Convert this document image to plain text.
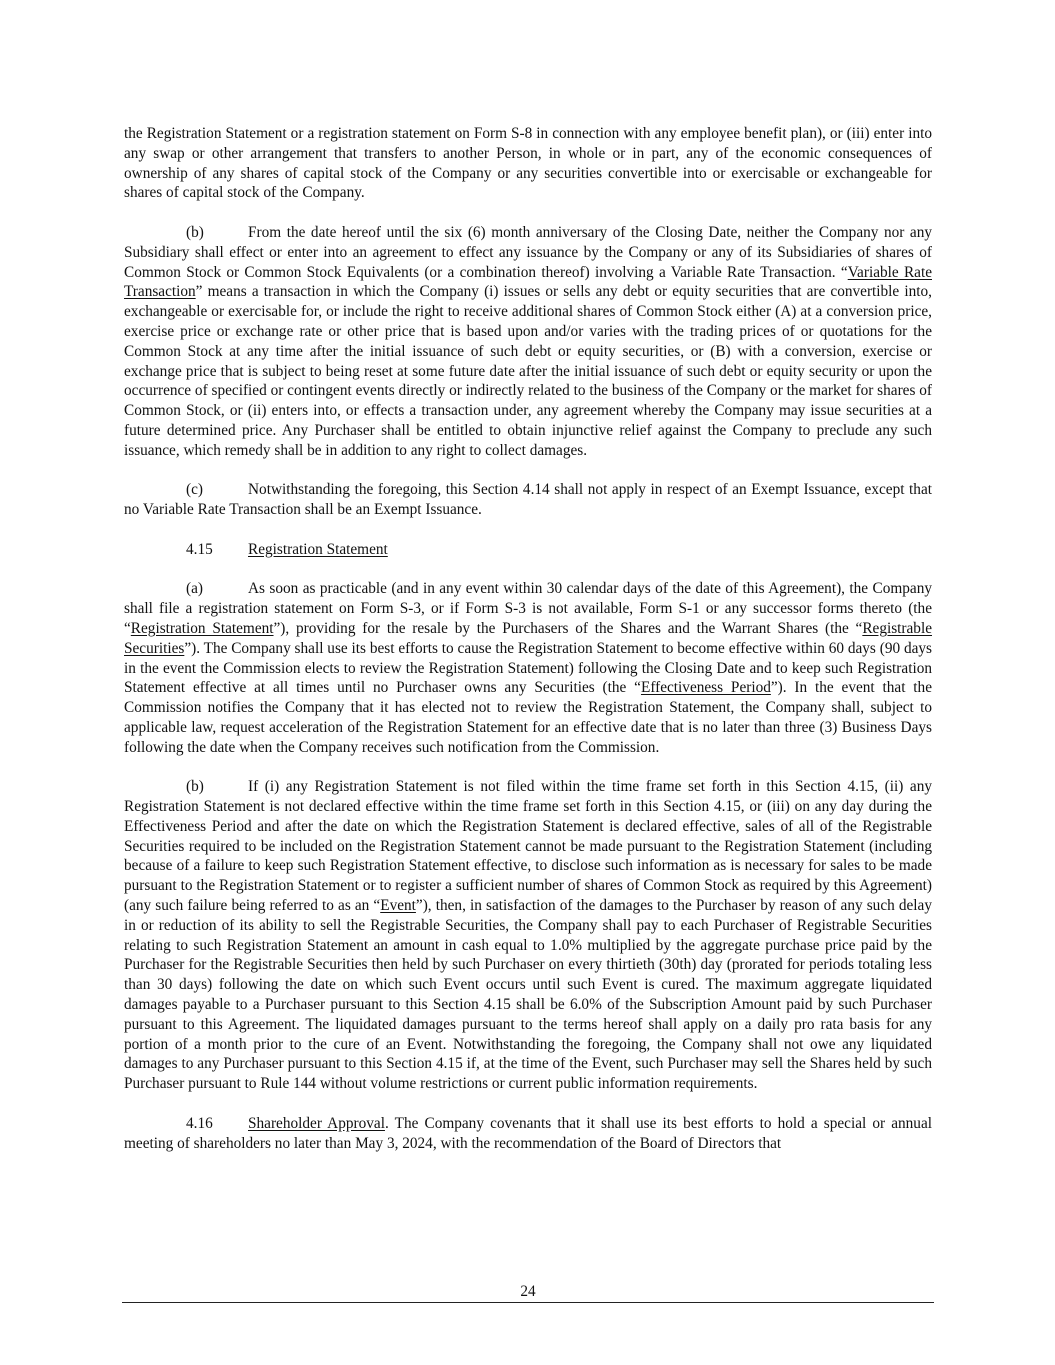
the Registration Statement or a registration statement on Form S-8 in connection with any employee benefit plan), or (iii) enter into any swap or other arrangement that transfers to another Person, in whole or in part, any of the economic consequences of ownership of any shares of capital stock of the Company or any securities convertible into or exercisable or exchangeable for shares of capital stock of the Company.

(b)	From the date hereof until the six (6) month anniversary of the Closing Date, neither the Company nor any Subsidiary shall effect or enter into an agreement to effect any issuance by the Company or any of its Subsidiaries of shares of Common Stock or Common Stock Equivalents (or a combination thereof) involving a Variable Rate Transaction. “Variable Rate Transaction” means a transaction in which the Company (i) issues or sells any debt or equity securities that are convertible into, exchangeable or exercisable for, or include the right to receive additional shares of Common Stock either (A) at a conversion price, exercise price or exchange rate or other price that is based upon and/or varies with the trading prices of or quotations for the Common Stock at any time after the initial issuance of such debt or equity securities, or (B) with a conversion, exercise or exchange price that is subject to being reset at some future date after the initial issuance of such debt or equity security or upon the occurrence of specified or contingent events directly or indirectly related to the business of the Company or the market for shares of Common Stock, or (ii) enters into, or effects a transaction under, any agreement whereby the Company may issue securities at a future determined price. Any Purchaser shall be entitled to obtain injunctive relief against the Company to preclude any such issuance, which remedy shall be in addition to any right to collect damages.

(c)	Notwithstanding the foregoing, this Section 4.14 shall not apply in respect of an Exempt Issuance, except that no Variable Rate Transaction shall be an Exempt Issuance.

4.15 Registration Statement

(a)	As soon as practicable (and in any event within 30 calendar days of the date of this Agreement), the Company shall file a registration statement on Form S-3, or if Form S-3 is not available, Form S-1 or any successor forms thereto (the “Registration Statement”), providing for the resale by the Purchasers of the Shares and the Warrant Shares (the “Registrable Securities”). The Company shall use its best efforts to cause the Registration Statement to become effective within 60 days (90 days in the event the Commission elects to review the Registration Statement) following the Closing Date and to keep such Registration Statement effective at all times until no Purchaser owns any Securities (the “Effectiveness Period”). In the event that the Commission notifies the Company that it has elected not to review the Registration Statement, the Company shall, subject to applicable law, request acceleration of the Registration Statement for an effective date that is no later than three (3) Business Days following the date when the Company receives such notification from the Commission.

(b)	If (i) any Registration Statement is not filed within the time frame set forth in this Section 4.15, (ii) any Registration Statement is not declared effective within the time frame set forth in this Section 4.15, or (iii) on any day during the Effectiveness Period and after the date on which the Registration Statement is declared effective, sales of all of the Registrable Securities required to be included on the Registration Statement cannot be made pursuant to the Registration Statement (including because of a failure to keep such Registration Statement effective, to disclose such information as is necessary for sales to be made pursuant to the Registration Statement or to register a sufficient number of shares of Common Stock as required by this Agreement) (any such failure being referred to as an “Event”), then, in satisfaction of the damages to the Purchaser by reason of any such delay in or reduction of its ability to sell the Registrable Securities, the Company shall pay to each Purchaser of Registrable Securities relating to such Registration Statement an amount in cash equal to 1.0% multiplied by the aggregate purchase price paid by the Purchaser for the Registrable Securities then held by such Purchaser on every thirtieth (30th) day (prorated for periods totaling less than 30 days) following the date on which such Event occurs until such Event is cured. The maximum aggregate liquidated damages payable to a Purchaser pursuant to this Section 4.15 shall be 6.0% of the Subscription Amount paid by such Purchaser pursuant to this Agreement. The liquidated damages pursuant to the terms hereof shall apply on a daily pro rata basis for any portion of a month prior to the cure of an Event. Notwithstanding the foregoing, the Company shall not owe any liquidated damages to any Purchaser pursuant to this Section 4.15 if, at the time of the Event, such Purchaser may sell the Shares held by such Purchaser pursuant to Rule 144 without volume restrictions or current public information requirements.

4.16 Shareholder Approval. The Company covenants that it shall use its best efforts to hold a special or annual meeting of shareholders no later than May 3, 2024, with the recommendation of the Board of Directors that

24
